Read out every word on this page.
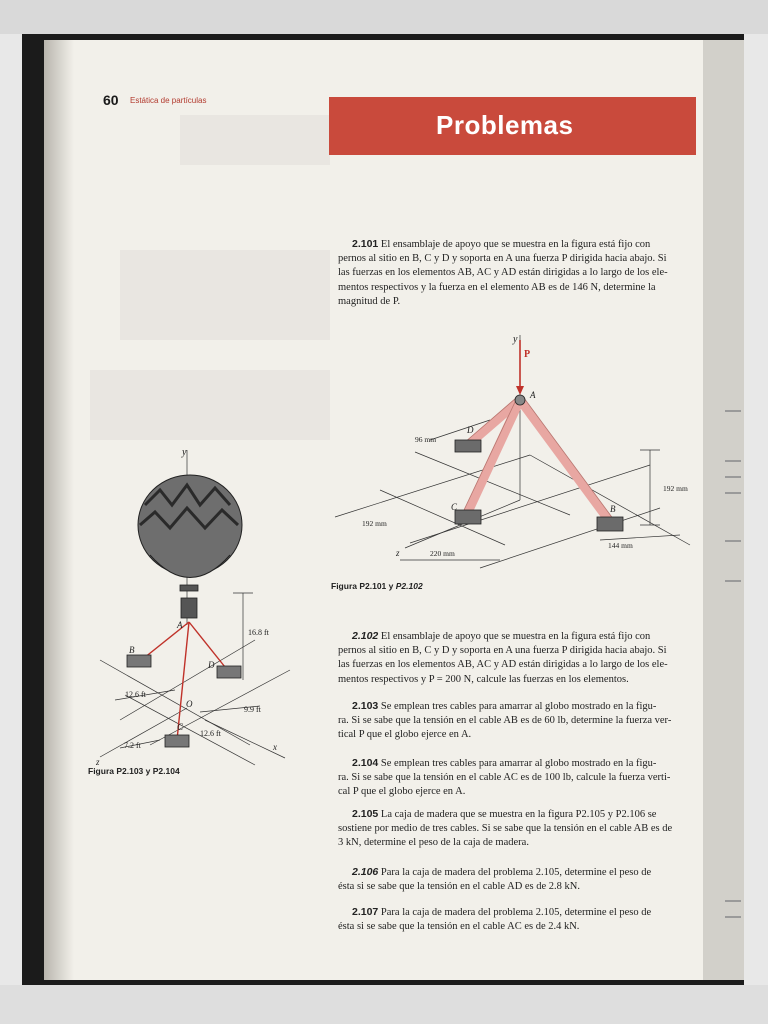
60 Estática de partículas
Problemas
2.101 El ensamblaje de apoyo que se muestra en la figura está fijo con
pernos al sitio en B, C y D y soporta en A una fuerza P dirigida hacia abajo. Si
las fuerzas en los elementos AB, AC y AD están dirigidas a lo largo de los ele-
mentos respectivos y la fuerza en el elemento AB es de 146 N, determine la
magnitud de P.
2.102 El ensamblaje de apoyo que se muestra en la figura está fijo con
pernos al sitio en B, C y D y soporta en A una fuerza P dirigida hacia abajo. Si
las fuerzas en los elementos AB, AC y AD están dirigidas a lo largo de los ele-
mentos respectivos y P = 200 N, calcule las fuerzas en los elementos.
2.103 Se emplean tres cables para amarrar al globo mostrado en la figu-
ra. Si se sabe que la tensión en el cable AB es de 60 lb, determine la fuerza ver-
tical P que el globo ejerce en A.
2.104 Se emplean tres cables para amarrar al globo mostrado en la figu-
ra. Si se sabe que la tensión en el cable AC es de 100 lb, calcule la fuerza verti-
cal P que el globo ejerce en A.
2.105 La caja de madera que se muestra en la figura P2.105 y P2.106 se
sostiene por medio de tres cables. Si se sabe que la tensión en el cable AB es de
3 kN, determine el peso de la caja de madera.
2.106 Para la caja de madera del problema 2.105, determine el peso de
ésta si se sabe que la tensión en el cable AD es de 2.8 kN.
2.107 Para la caja de madera del problema 2.105, determine el peso de
ésta si se sabe que la tensión en el cable AC es de 2.4 kN.
y
P
A
D
C	B
z
96 mm
192 mm
192 mm
144 mm
220 mm
Figura P2.101 y P2.102
y
A
B
D
C
O
z
x
16.8 ft
12.6 ft
9.9 ft
12.6 ft
7.2 ft
Figura P2.103 y P2.104
